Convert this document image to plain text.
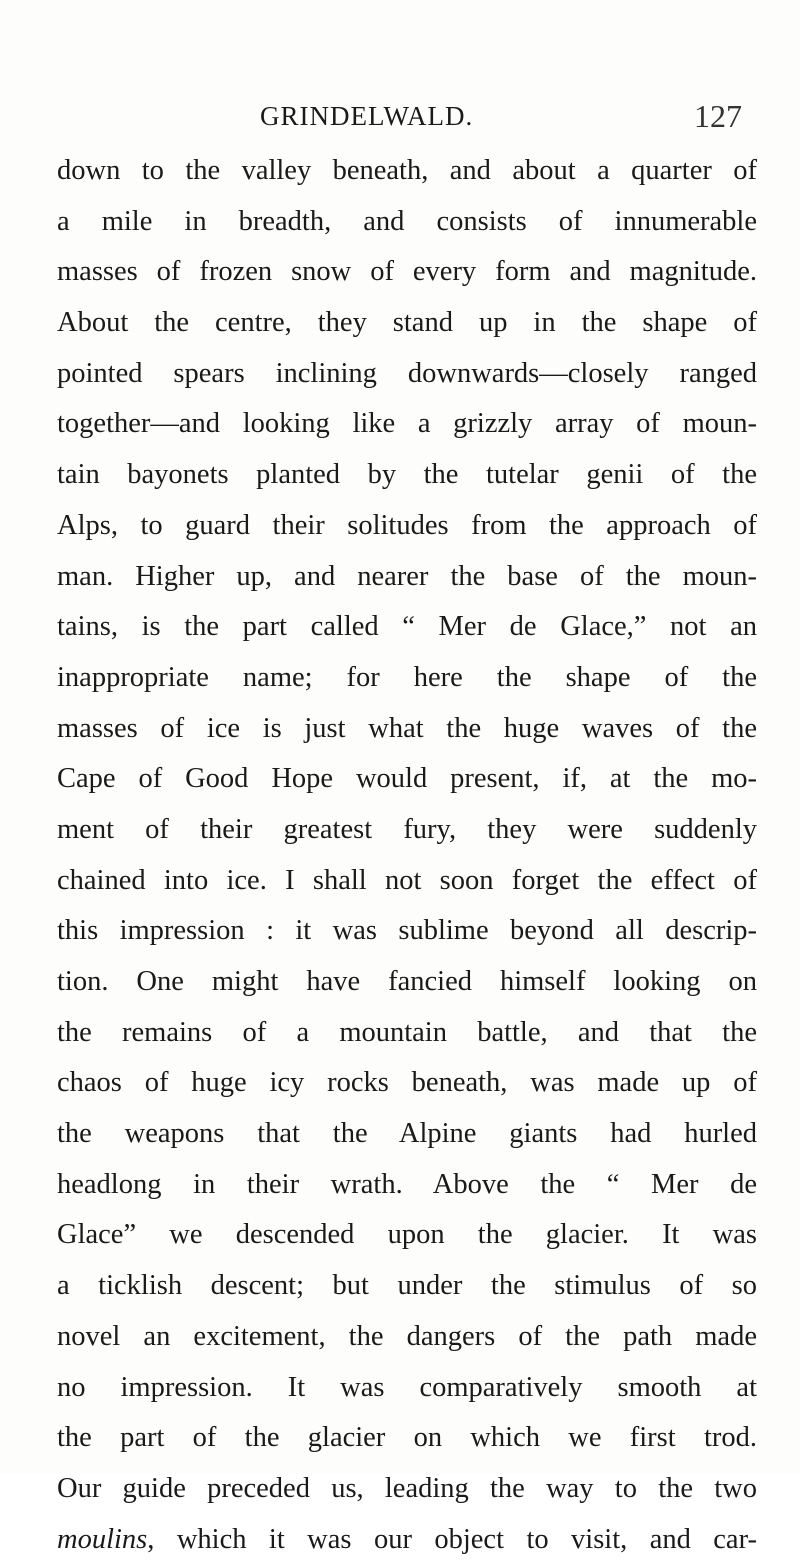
GRINDELWALD.	127
down to the valley beneath, and about a quarter of
a mile in breadth, and consists of innumerable
masses of frozen snow of every form and magnitude.
About the centre, they stand up in the shape of
pointed spears inclining downwards—closely ranged
together—and looking like a grizzly array of moun-
tain bayonets planted by the tutelar genii of the
Alps, to guard their solitudes from the approach of
man. Higher up, and nearer the base of the moun-
tains, is the part called “ Mer de Glace,” not an
inappropriate name; for here the shape of the
masses of ice is just what the huge waves of the
Cape of Good Hope would present, if, at the mo-
ment of their greatest fury, they were suddenly
chained into ice. I shall not soon forget the effect of
this impression : it was sublime beyond all descrip-
tion. One might have fancied himself looking on
the remains of a mountain battle, and that the
chaos of huge icy rocks beneath, was made up of
the weapons that the Alpine giants had hurled
headlong in their wrath. Above the “ Mer de
Glace” we descended upon the glacier. It was
a ticklish descent; but under the stimulus of so
novel an excitement, the dangers of the path made
no impression. It was comparatively smooth at
the part of the glacier on which we first trod.
Our guide preceded us, leading the way to the two
moulins, which it was our object to visit, and car-
